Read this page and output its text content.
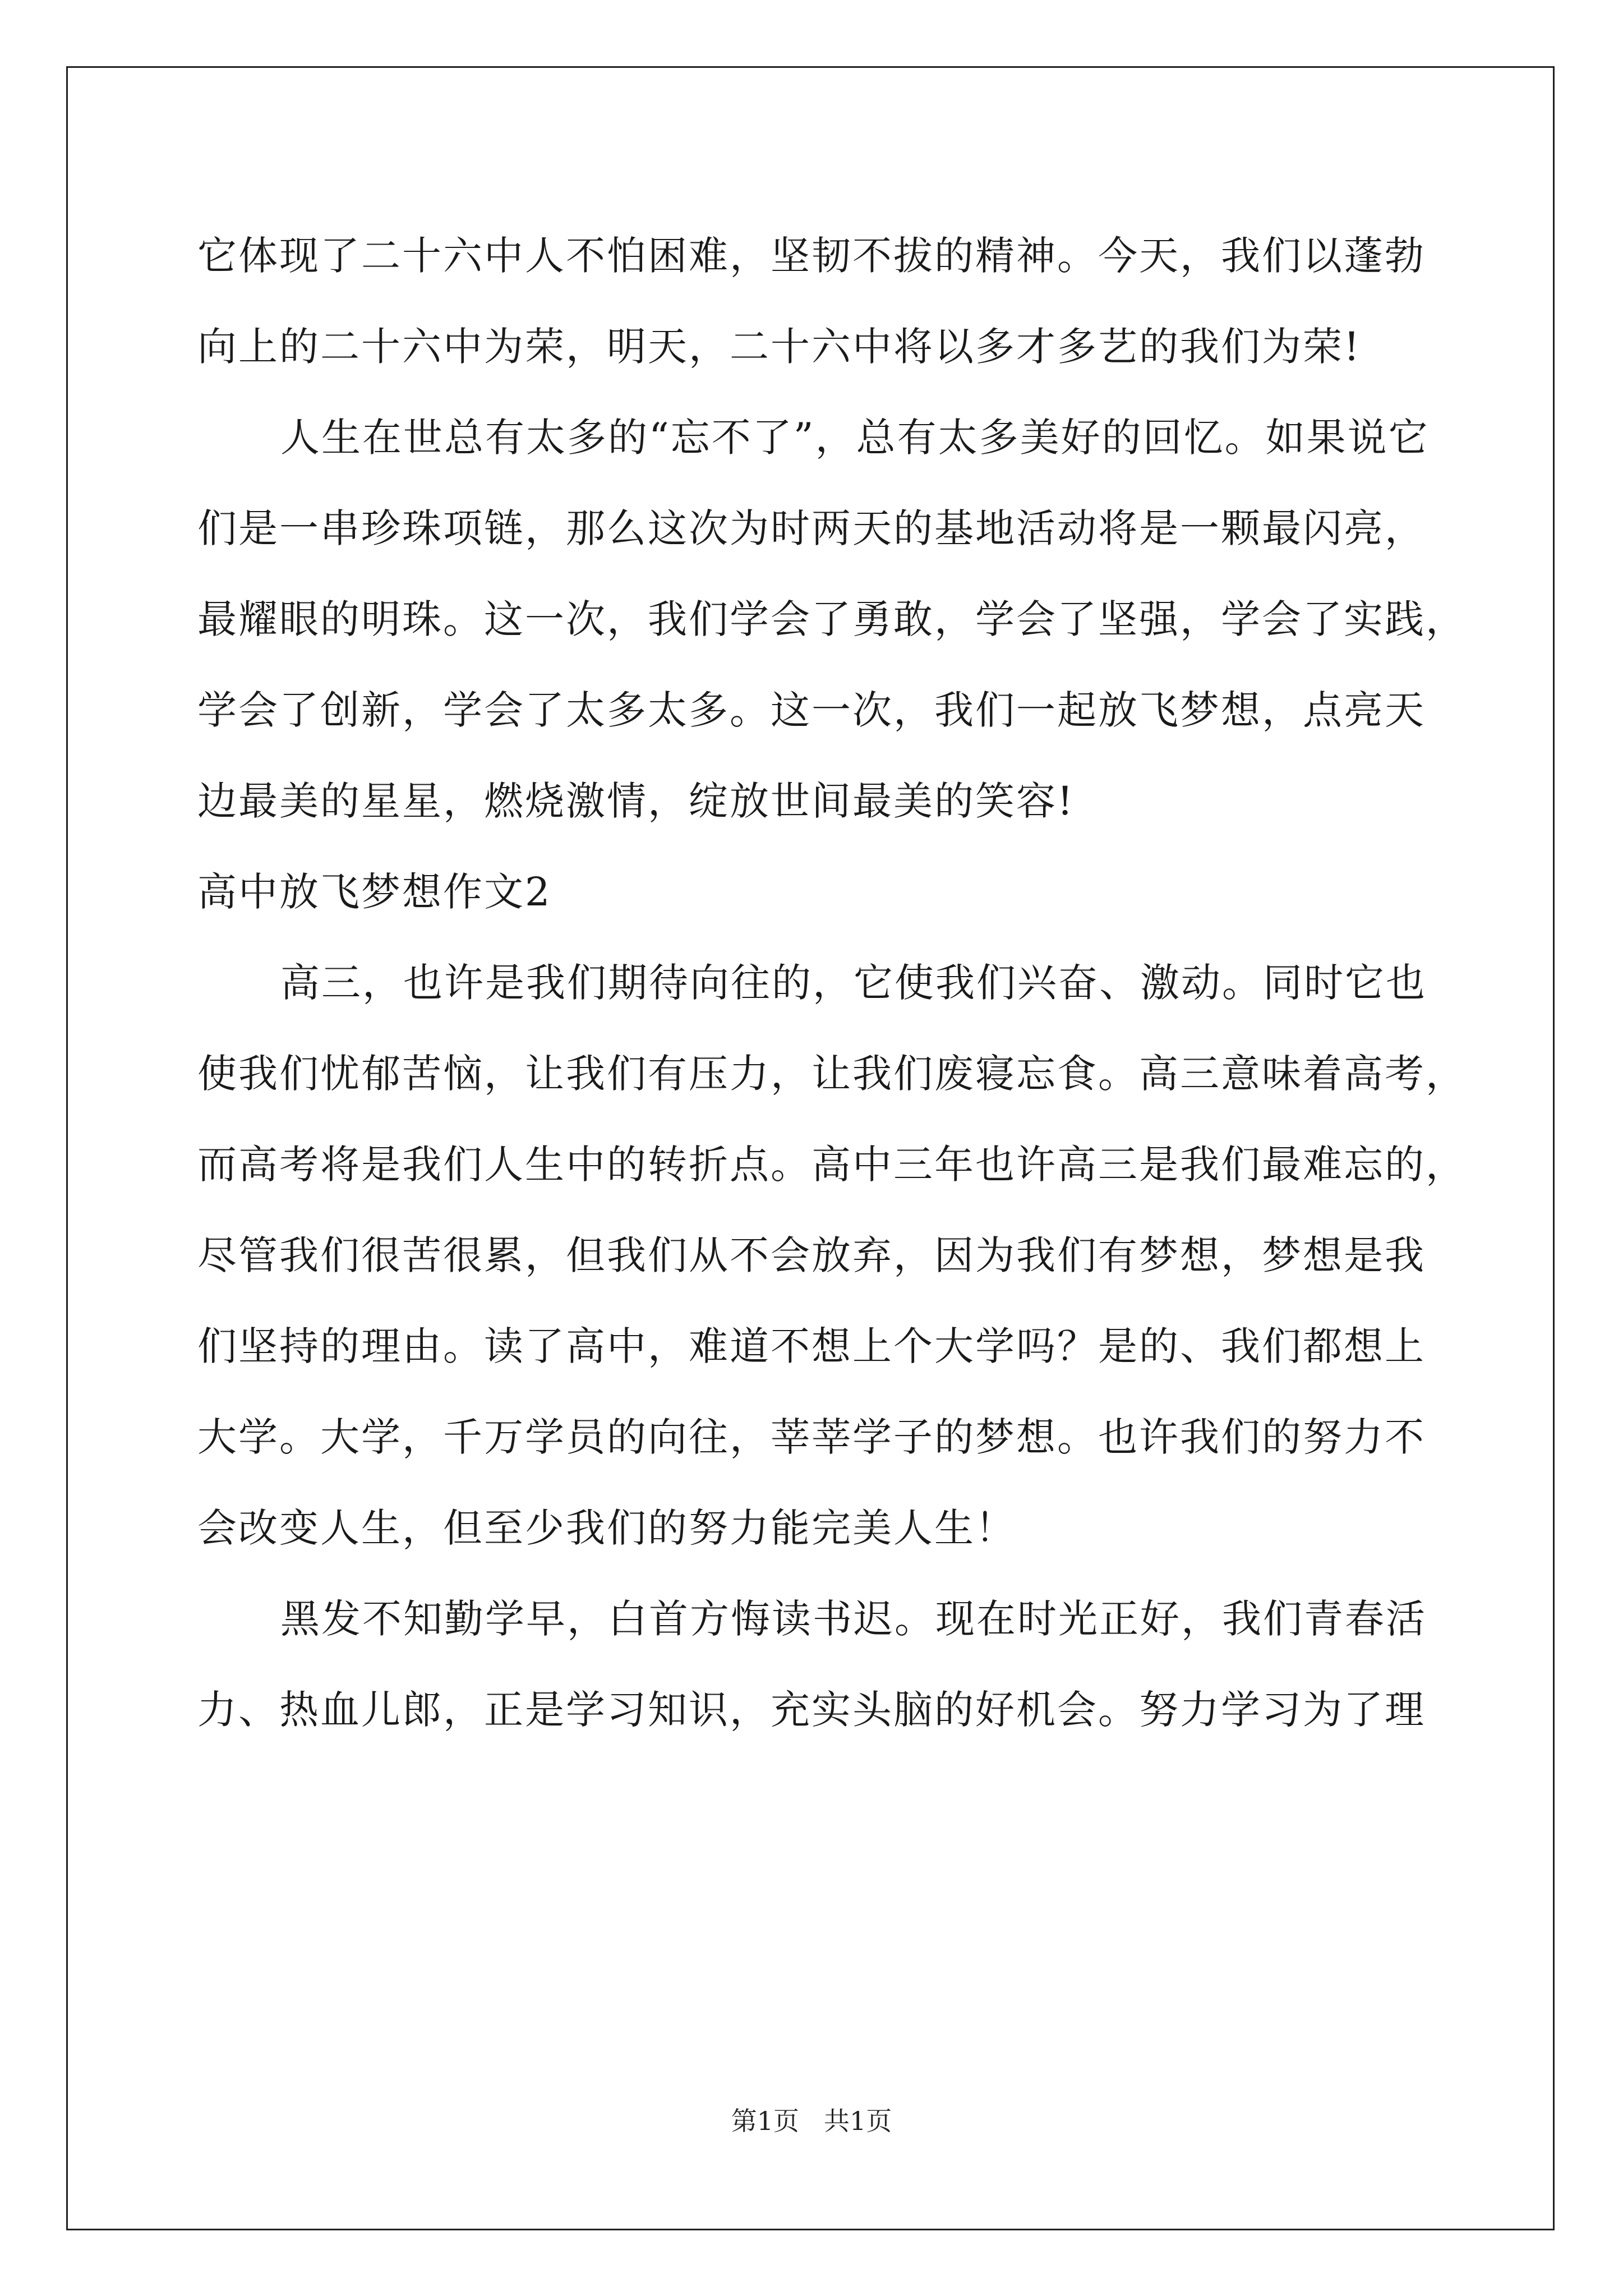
它体现了二十六中人不怕困难，坚韧不拔的精神。今天，我们以蓬勃
向上的二十六中为荣，明天，二十六中将以多才多艺的我们为荣!
人生在世总有太多的“忘不了”，总有太多美好的回忆。如果说它
们是一串珍珠项链，那么这次为时两天的基地活动将是一颗最闪亮，
最耀眼的明珠。这一次，我们学会了勇敢，学会了坚强，学会了实践，
学会了创新，学会了太多太多。这一次，我们一起放飞梦想，点亮天
边最美的星星，燃烧激情，绽放世间最美的笑容!
高中放飞梦想作文2
高三，也许是我们期待向往的，它使我们兴奋、激动。同时它也
使我们忧郁苦恼，让我们有压力，让我们废寝忘食。高三意味着高考，
而高考将是我们人生中的转折点。高中三年也许高三是我们最难忘的，
尽管我们很苦很累，但我们从不会放弃，因为我们有梦想，梦想是我
们坚持的理由。读了高中，难道不想上个大学吗？是的、我们都想上
大学。大学，千万学员的向往，莘莘学子的梦想。也许我们的努力不
会改变人生，但至少我们的努力能完美人生！
黑发不知勤学早，白首方悔读书迟。现在时光正好，我们青春活
力、热血儿郎，正是学习知识，充实头脑的好机会。努力学习为了理
第1页 共1页
